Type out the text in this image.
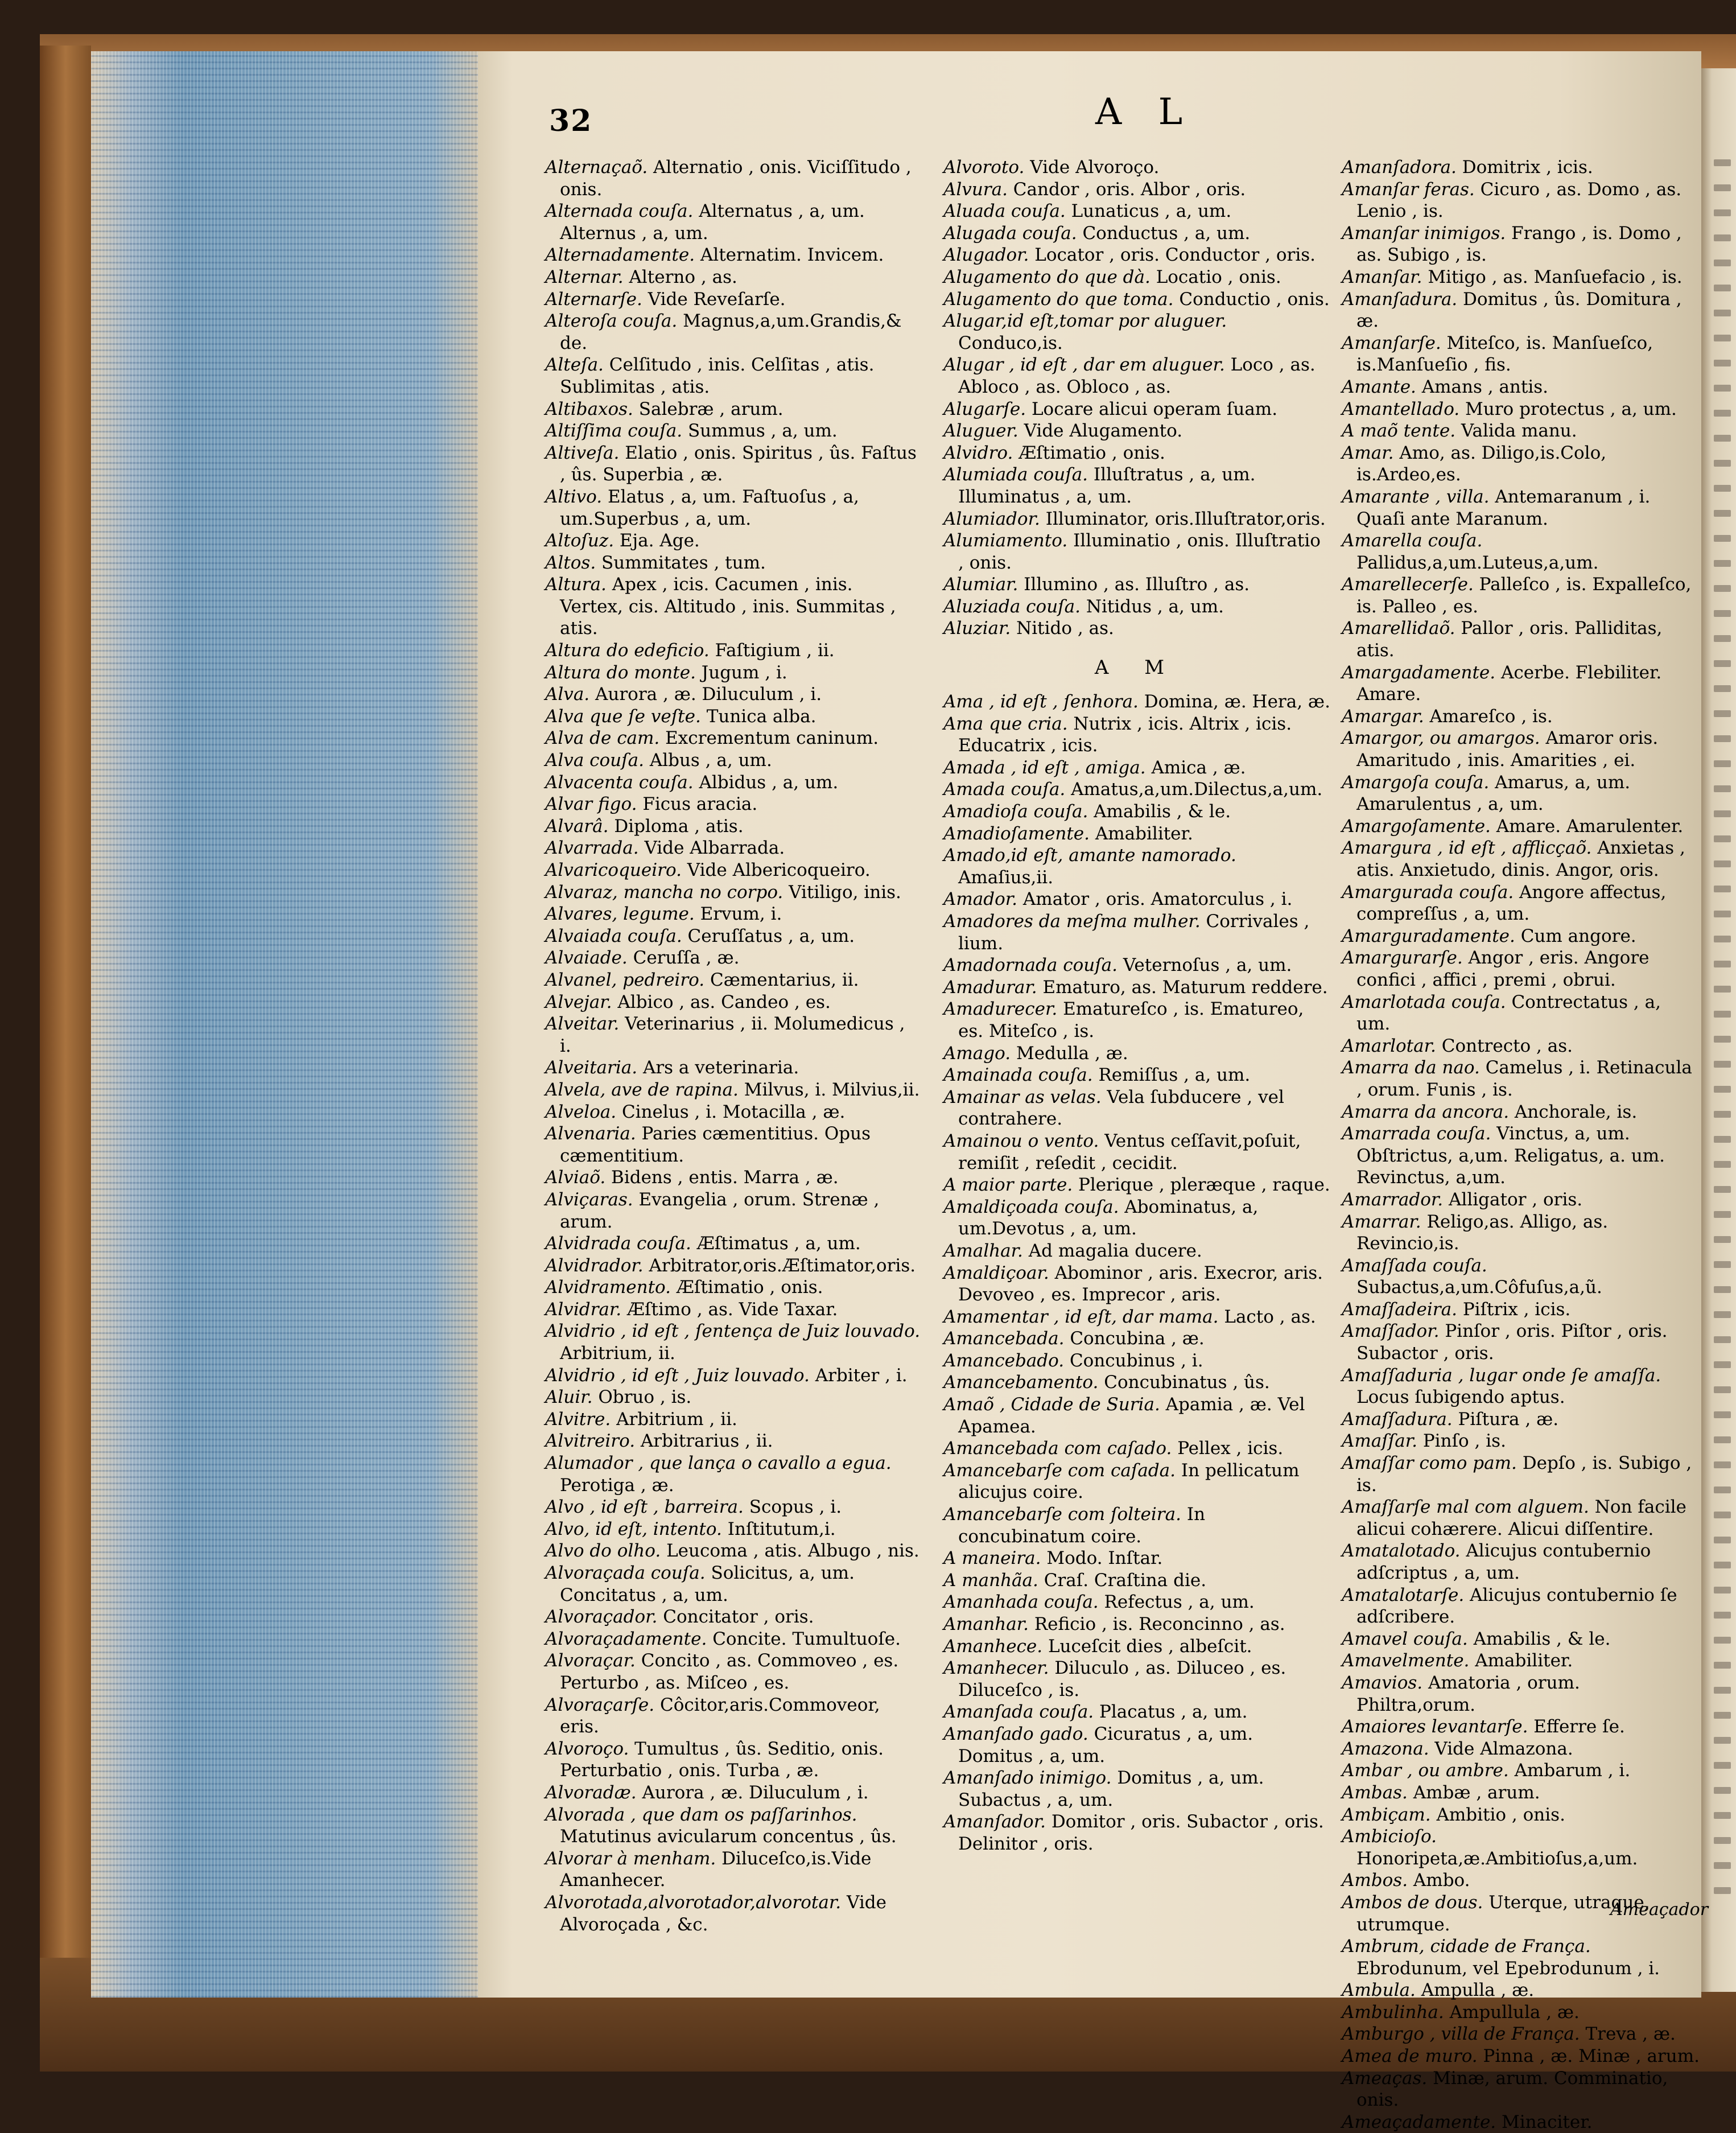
32	A L

Alternaçaõ. Alternatio , onis. Viciſſitudo , onis.

Alternada couſa. Alternatus , a, um. Alternus , a, um.

Alternadamente. Alternatim. Invicem.

Alternar. Alterno , as.

Alternarſe. Vide Reveſarſe.

Alteroſa couſa. Magnus,a,um.Grandis,& de.

Alteſa. Celſitudo , inis. Celſitas , atis. Sublimitas , atis.

Altibaxos. Salebræ , arum.

Altiſſima couſa. Summus , a, um.

Altiveſa. Elatio , onis. Spiritus , ûs. Faſtus , ûs. Superbia , æ.

Altivo. Elatus , a, um. Faſtuoſus , a, um.Superbus , a, um.

Altoſuz. Eja. Age.

Altos. Summitates , tum.

Altura. Apex , icis. Cacumen , inis. Vertex, cis. Altitudo , inis. Summitas , atis.

Altura do edeficio. Faſtigium , ii.

Altura do monte. Jugum , i.

Alva. Aurora , æ. Diluculum , i.

Alva que ſe veſte. Tunica alba.

Alva de cam. Excrementum caninum.

Alva couſa. Albus , a, um.

Alvacenta couſa. Albidus , a, um.

Alvar figo. Ficus aracia.

Alvarâ. Diploma , atis.

Alvarrada. Vide Albarrada.

Alvaricoqueiro. Vide Albericoqueiro.

Alvaraz, mancha no corpo. Vitiligo, inis.

Alvares, legume. Ervum, i.

Alvaiada couſa. Ceruſſatus , a, um.

Alvaiade. Ceruſſa , æ.

Alvanel, pedreiro. Cæmentarius, ii.

Alvejar. Albico , as. Candeo , es.

Alveitar. Veterinarius , ii. Molumedicus , i.

Alveitaria. Ars a veterinaria.

Alvela, ave de rapina. Milvus, i. Milvius,ii.

Alveloa. Cinelus , i. Motacilla , æ.

Alvenaria. Paries cæmentitius. Opus cæmentitium.

Alviaõ. Bidens , entis. Marra , æ.

Alviçaras. Evangelia , orum. Strenæ , arum.

Alvidrada couſa. Æſtimatus , a, um.

Alvidrador. Arbitrator,oris.Æſtimator,oris.

Alvidramento. Æſtimatio , onis.

Alvidrar. Æſtimo , as. Vide Taxar.

Alvidrio , id eſt , ſentença de Juiz louvado. Arbitrium, ii.

Alvidrio , id eſt , Juiz louvado. Arbiter , i.

Aluir. Obruo , is.

Alvitre. Arbitrium , ii.

Alvitreiro. Arbitrarius , ii.

Alumador , que lança o cavallo a egua. Perotiga , æ.

Alvo , id eſt , barreira. Scopus , i.

Alvo, id eſt, intento. Inſtitutum,i.

Alvo do olho. Leucoma , atis. Albugo , nis.

Alvoraçada couſa. Solicitus, a, um. Concitatus , a, um.

Alvoraçador. Concitator , oris.

Alvoraçadamente. Concite. Tumultuoſe.

Alvoraçar. Concito , as. Commoveo , es. Perturbo , as. Miſceo , es.

Alvoraçarſe. Côcitor,aris.Commoveor, eris.

Alvoroço. Tumultus , ûs. Seditio, onis. Perturbatio , onis. Turba , æ.

Alvoradæ. Aurora , æ. Diluculum , i.

Alvorada , que dam os paſſarinhos. Matutinus avicularum concentus , ûs.

Alvorar à menham. Diluceſco,is.Vide Amanhecer.

Alvorotada,alvorotador,alvorotar. Vide Alvoroçada , &c.

Alvoroto. Vide Alvoroço.

Alvura. Candor , oris. Albor , oris.

Aluada couſa. Lunaticus , a, um.

Alugada couſa. Conductus , a, um.

Alugador. Locator , oris. Conductor , oris.

Alugamento do que dà. Locatio , onis.

Alugamento do que toma. Conductio , onis.

Alugar,id eſt,tomar por aluguer. Conduco,is.

Alugar , id eſt , dar em aluguer. Loco , as. Abloco , as. Obloco , as.

Alugarſe. Locare alicui operam ſuam.

Aluguer. Vide Alugamento.

Alvidro. Æſtimatio , onis.

Alumiada couſa. Illuſtratus , a, um. Illuminatus , a, um.

Alumiador. Illuminator, oris.Illuſtrator,oris.

Alumiamento. Illuminatio , onis. Illuſtratio , onis.

Alumiar. Illumino , as. Illuſtro , as.

Aluziada couſa. Nitidus , a, um.

Aluziar. Nitido , as.

A M

Ama , id eſt , ſenhora. Domina, æ. Hera, æ.

Ama que cria. Nutrix , icis. Altrix , icis. Educatrix , icis.

Amada , id eſt , amiga. Amica , æ.

Amada couſa. Amatus,a,um.Dilectus,a,um.

Amadioſa couſa. Amabilis , & le.

Amadioſamente. Amabiliter.

Amado,id eſt, amante namorado. Amaſius,ii.

Amador. Amator , oris. Amatorculus , i.

Amadores da meſma mulher. Corrivales , lium.

Amadornada couſa. Veternoſus , a, um.

Amadurar. Ematuro, as. Maturum reddere.

Amadurecer. Ematureſco , is. Ematureo, es. Miteſco , is.

Amago. Medulla , æ.

Amainada couſa. Remiſſus , a, um.

Amainar as velas. Vela ſubducere , vel contrahere.

Amainou o vento. Ventus ceſſavit,poſuit, remiſit , reſedit , cecidit.

A maior parte. Plerique , pleræque , raque.

Amaldiçoada couſa. Abominatus, a, um.Devotus , a, um.

Amalhar. Ad magalia ducere.

Amaldiçoar. Abominor , aris. Execror, aris. Devoveo , es. Imprecor , aris.

Amamentar , id eſt, dar mama. Lacto , as.

Amancebada. Concubina , æ.

Amancebado. Concubinus , i.

Amancebamento. Concubinatus , ûs.

Amaõ , Cidade de Suria. Apamia , æ. Vel Apamea.

Amancebada com caſado. Pellex , icis.

Amancebarſe com caſada. In pellicatum alicujus coire.

Amancebarſe com ſolteira. In concubinatum coire.

A maneira. Modo. Inſtar.

A manhãa. Craſ. Craſtina die.

Amanhada couſa. Refectus , a, um.

Amanhar. Reficio , is. Reconcinno , as.

Amanhece. Luceſcit dies , albeſcit.

Amanhecer. Diluculo , as. Diluceo , es. Diluceſco , is.

Amanſada couſa. Placatus , a, um.

Amanſado gado. Cicuratus , a, um. Domitus , a, um.

Amanſado inimigo. Domitus , a, um. Subactus , a, um.

Amanſador. Domitor , oris. Subactor , oris. Delinitor , oris.

Amanſadora. Domitrix , icis.

Amanſar feras. Cicuro , as. Domo , as. Lenio , is.

Amanſar inimigos. Frango , is. Domo , as. Subigo , is.

Amanſar. Mitigo , as. Manſuefacio , is.

Amanſadura. Domitus , ûs. Domitura , æ.

Amanſarſe. Miteſco, is. Manſueſco, is.Manſueſio , fis.

Amante. Amans , antis.

Amantellado. Muro protectus , a, um.

A maõ tente. Valida manu.

Amar. Amo, as. Diligo,is.Colo, is.Ardeo,es.

Amarante , villa. Antemaranum , i. Quaſi ante Maranum.

Amarella couſa. Pallidus,a,um.Luteus,a,um.

Amarellecerſe. Palleſco , is. Expalleſco, is. Palleo , es.

Amarellidaõ. Pallor , oris. Palliditas, atis.

Amargadamente. Acerbe. Flebiliter. Amare.

Amargar. Amareſco , is.

Amargor, ou amargos. Amaror oris. Amaritudo , inis. Amarities , ei.

Amargoſa couſa. Amarus, a, um. Amarulentus , a, um.

Amargoſamente. Amare. Amarulenter.

Amargura , id eſt , afflicçaõ. Anxietas , atis. Anxietudo, dinis. Angor, oris.

Amargurada couſa. Angore affectus, compreſſus , a, um.

Amarguradamente. Cum angore.

Amargurarſe. Angor , eris. Angore confici , affici , premi , obrui.

Amarlotada couſa. Contrectatus , a, um.

Amarlotar. Contrecto , as.

Amarra da nao. Camelus , i. Retinacula , orum. Funis , is.

Amarra da ancora. Anchorale, is.

Amarrada couſa. Vinctus, a, um. Obſtrictus, a,um. Religatus, a. um. Revinctus, a,um.

Amarrador. Alligator , oris.

Amarrar. Religo,as. Alligo, as. Revincio,is.

Amaſſada couſa. Subactus,a,um.Côfuſus,a,ũ.

Amaſſadeira. Piſtrix , icis.

Amaſſador. Pinſor , oris. Piſtor , oris. Subactor , oris.

Amaſſaduria , lugar onde ſe amaſſa. Locus ſubigendo aptus.

Amaſſadura. Piſtura , æ.

Amaſſar. Pinſo , is.

Amaſſar como pam. Depſo , is. Subigo , is.

Amaſſarſe mal com alguem. Non facile alicui cohærere. Alicui diſſentire.

Amatalotado. Alicujus contubernio adſcriptus , a, um.

Amatalotarſe. Alicujus contubernio ſe adſcribere.

Amavel couſa. Amabilis , & le.

Amavelmente. Amabiliter.

Amavios. Amatoria , orum. Philtra,orum.

Amaiores levantarſe. Efferre ſe.

Amazona. Vide Almazona.

Ambar , ou ambre. Ambarum , i.

Ambas. Ambæ , arum.

Ambiçam. Ambitio , onis.

Ambicioſo. Honoripeta,æ.Ambitioſus,a,um.

Ambos. Ambo.

Ambos de dous. Uterque, utraque, utrumque.

Ambrum, cidade de França. Ebrodunum, vel Epebrodunum , i.

Ambula. Ampulla , æ.

Ambulinha. Ampullula , æ.

Amburgo , villa de França. Treva , æ.

Amea de muro. Pinna , æ. Minæ , arum.

Ameaças. Minæ, arum. Comminatio, onis.

Ameaçadamente. Minaciter.

Ameaçador
